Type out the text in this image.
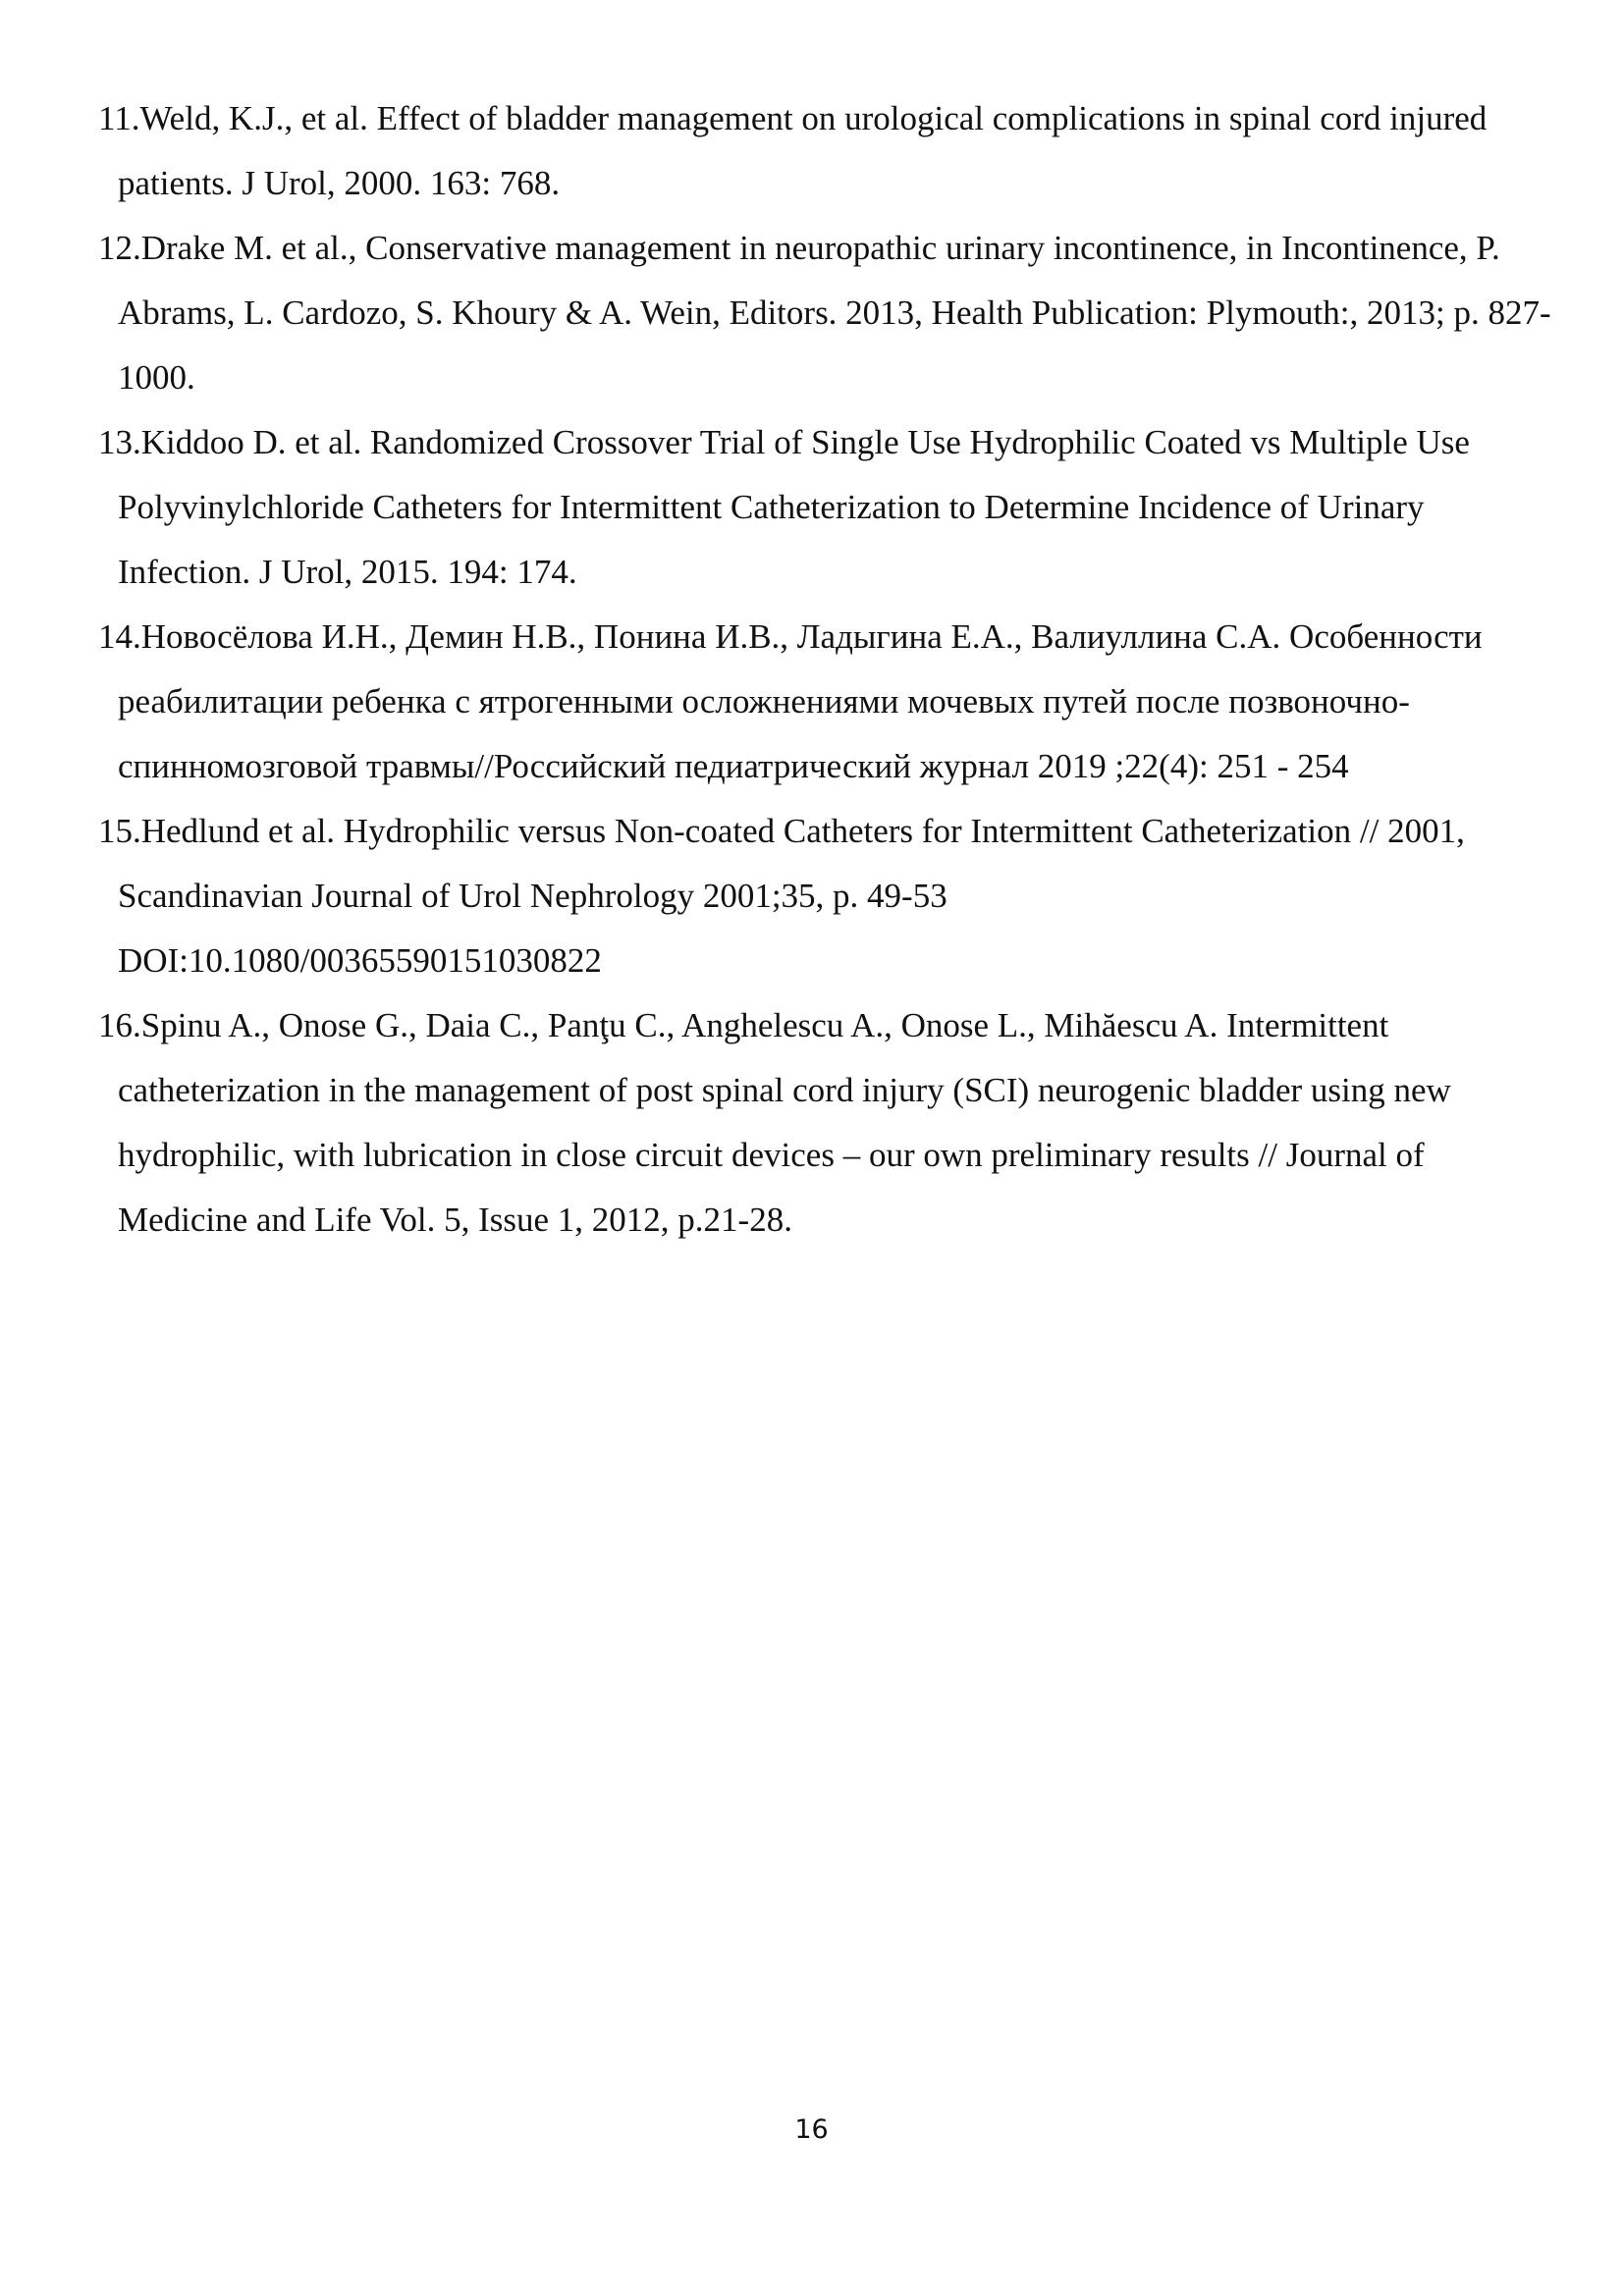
11.Weld, K.J., et al. Effect of bladder management on urological complications in spinal cord injured patients. J Urol, 2000. 163: 768.
12.Drake M. et al., Conservative management in neuropathic urinary incontinence, in Incontinence, P. Abrams, L. Cardozo, S. Khoury & A. Wein, Editors. 2013, Health Publication: Plymouth:, 2013; p. 827-1000.
13.Kiddoo D. et al. Randomized Crossover Trial of Single Use Hydrophilic Coated vs Multiple Use Polyvinylchloride Catheters for Intermittent Catheterization to Determine Incidence of Urinary Infection. J Urol, 2015. 194: 174.
14.Новосёлова И.Н., Демин Н.В., Понина И.В., Ладыгина Е.А., Валиуллина С.А. Особенности реабилитации ребенка с ятрогенными осложнениями мочевых путей после позвоночно-спинномозговой травмы//Российский педиатрический журнал 2019 ;22(4): 251 - 254
15.Hedlund et al. Hydrophilic versus Non-coated Catheters for Intermittent Catheterization // 2001, Scandinavian Journal of Urol Nephrology 2001;35, p. 49-53
DOI:10.1080/00365590151030822
16.Spinu A., Onose G., Daia C., Panţu C., Anghelescu A., Onose L., Mihăescu A. Intermittent catheterization in the management of post spinal cord injury (SCI) neurogenic bladder using new hydrophilic, with lubrication in close circuit devices – our own preliminary results // Journal of Medicine and Life Vol. 5, Issue 1, 2012, p.21-28.
16
